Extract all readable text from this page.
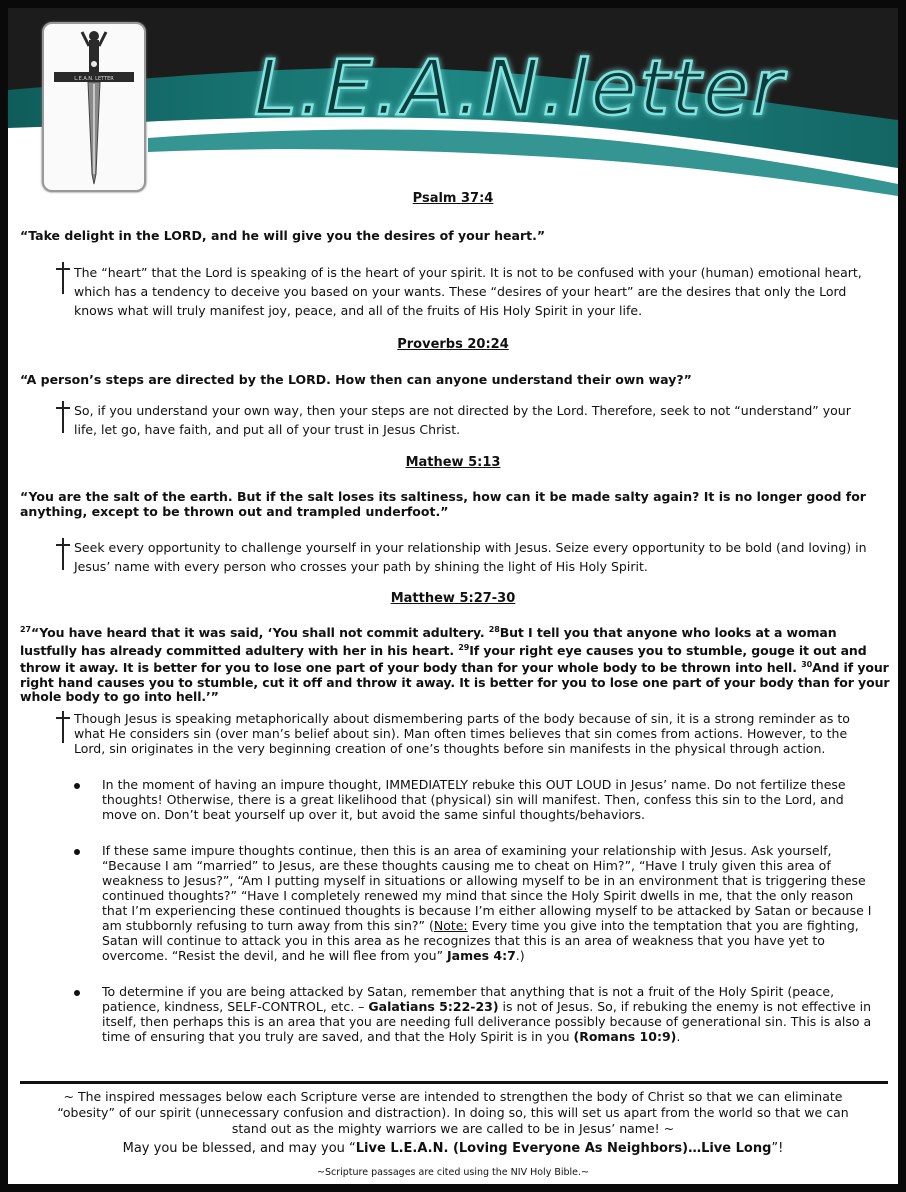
L.E.A.N.letter
L.E.A.N. LETTER
Psalm 37:4
“Take delight in the LORD, and he will give you the desires of your heart.”
The “heart” that the Lord is speaking of is the heart of your spirit. It is not to be confused with your (human) emotional heart, which has a tendency to deceive you based on your wants. These “desires of your heart” are the desires that only the Lord knows what will truly manifest joy, peace, and all of the fruits of His Holy Spirit in your life.
Proverbs 20:24
“A person’s steps are directed by the LORD. How then can anyone understand their own way?”
So, if you understand your own way, then your steps are not directed by the Lord. Therefore, seek to not “understand” your life, let go, have faith, and put all of your trust in Jesus Christ.
Mathew 5:13
“You are the salt of the earth. But if the salt loses its saltiness, how can it be made salty again? It is no longer good for anything, except to be thrown out and trampled underfoot.”
Seek every opportunity to challenge yourself in your relationship with Jesus. Seize every opportunity to be bold (and loving) in Jesus’ name with every person who crosses your path by shining the light of His Holy Spirit.
Matthew 5:27-30
$^{27}$“You have heard that it was said, ‘You shall not commit adultery. $^{28}$But I tell you that anyone who looks at a woman lustfully has already committed adultery with her in his heart. $^{29}$If your right eye causes you to stumble, gouge it out and throw it away. It is better for you to lose one part of your body than for your whole body to be thrown into hell. $^{30}$And if your right hand causes you to stumble, cut it off and throw it away. It is better for you to lose one part of your body than for your whole body to go into hell.’”
Though Jesus is speaking metaphorically about dismembering parts of the body because of sin, it is a strong reminder as to what He considers sin (over man’s belief about sin). Man often times believes that sin comes from actions. However, to the Lord, sin originates in the very beginning creation of one’s thoughts before sin manifests in the physical through action.
In the moment of having an impure thought, IMMEDIATELY rebuke this OUT LOUD in Jesus’ name. Do not fertilize these thoughts! Otherwise, there is a great likelihood that (physical) sin will manifest. Then, confess this sin to the Lord, and move on. Don’t beat yourself up over it, but avoid the same sinful thoughts/behaviors.
If these same impure thoughts continue, then this is an area of examining your relationship with Jesus. Ask yourself, “Because I am “married” to Jesus, are these thoughts causing me to cheat on Him?”, “Have I truly given this area of weakness to Jesus?”, “Am I putting myself in situations or allowing myself to be in an environment that is triggering these continued thoughts?” “Have I completely renewed my mind that since the Holy Spirit dwells in me, that the only reason that I’m experiencing these continued thoughts is because I’m either allowing myself to be attacked by Satan or because I am stubbornly refusing to turn away from this sin?” (Note: Every time you give into the temptation that you are fighting, Satan will continue to attack you in this area as he recognizes that this is an area of weakness that you have yet to overcome. “Resist the devil, and he will flee from you” James 4:7.)
To determine if you are being attacked by Satan, remember that anything that is not a fruit of the Holy Spirit (peace, patience, kindness, SELF-CONTROL, etc. – Galatians 5:22-23) is not of Jesus. So, if rebuking the enemy is not effective in itself, then perhaps this is an area that you are needing full deliverance possibly because of generational sin. This is also a time of ensuring that you truly are saved, and that the Holy Spirit is in you (Romans 10:9).
~ The inspired messages below each Scripture verse are intended to strengthen the body of Christ so that we can eliminate “obesity” of our spirit (unnecessary confusion and distraction). In doing so, this will set us apart from the world so that we can stand out as the mighty warriors we are called to be in Jesus’ name! ~
May you be blessed, and may you “Live L.E.A.N. (Loving Everyone As Neighbors)…Live Long”!
~Scripture passages are cited using the NIV Holy Bible.~
